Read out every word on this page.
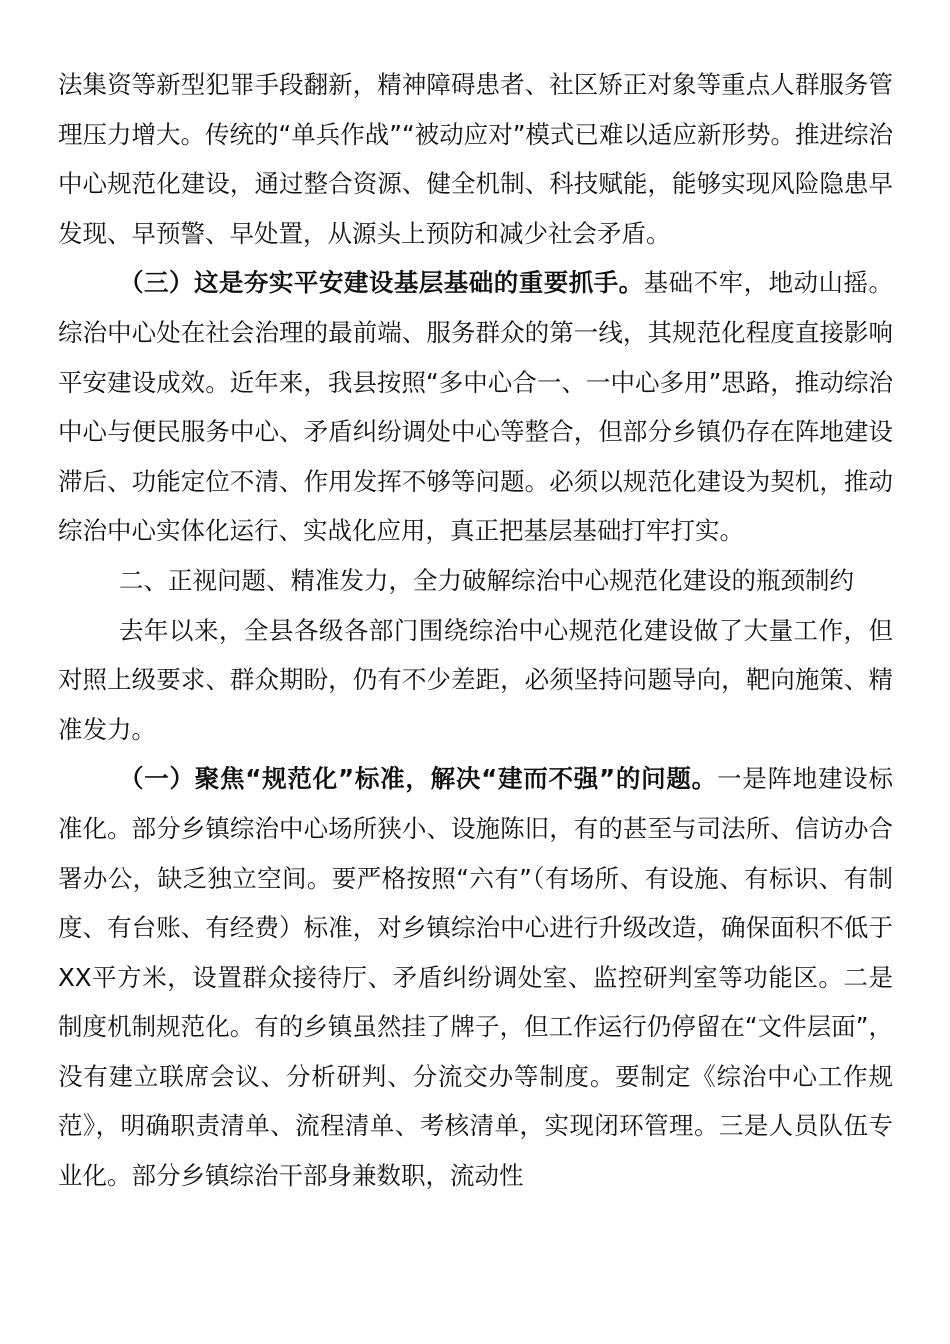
法集资等新型犯罪手段翻新，精神障碍患者、社区矫正对象等重点人群服务管理压力增大。传统的“单兵作战”“被动应对”模式已难以适应新形势。推进综治中心规范化建设，通过整合资源、健全机制、科技赋能，能够实现风险隐患早发现、早预警、早处置，从源头上预防和减少社会矛盾。

（三）这是夯实平安建设基层基础的重要抓手。基础不牢，地动山摇。综治中心处在社会治理的最前端、服务群众的第一线，其规范化程度直接影响平安建设成效。近年来，我县按照“多中心合一、一中心多用”思路，推动综治中心与便民服务中心、矛盾纠纷调处中心等整合，但部分乡镇仍存在阵地建设滞后、功能定位不清、作用发挥不够等问题。必须以规范化建设为契机，推动综治中心实体化运行、实战化应用，真正把基层基础打牢打实。

二、正视问题、精准发力，全力破解综治中心规范化建设的瓶颈制约

去年以来，全县各级各部门围绕综治中心规范化建设做了大量工作，但对照上级要求、群众期盼，仍有不少差距，必须坚持问题导向，靶向施策、精准发力。

（一）聚焦“规范化”标准，解决“建而不强”的问题。一是阵地建设标准化。部分乡镇综治中心场所狭小、设施陈旧，有的甚至与司法所、信访办合署办公，缺乏独立空间。要严格按照“六有”（有场所、有设施、有标识、有制度、有台账、有经费）标准，对乡镇综治中心进行升级改造，确保面积不低于XX平方米，设置群众接待厅、矛盾纠纷调处室、监控研判室等功能区。二是制度机制规范化。有的乡镇虽然挂了牌子，但工作运行仍停留在“文件层面”，没有建立联席会议、分析研判、分流交办等制度。要制定《综治中心工作规范》，明确职责清单、流程清单、考核清单，实现闭环管理。三是人员队伍专业化。部分乡镇综治干部身兼数职，流动性
